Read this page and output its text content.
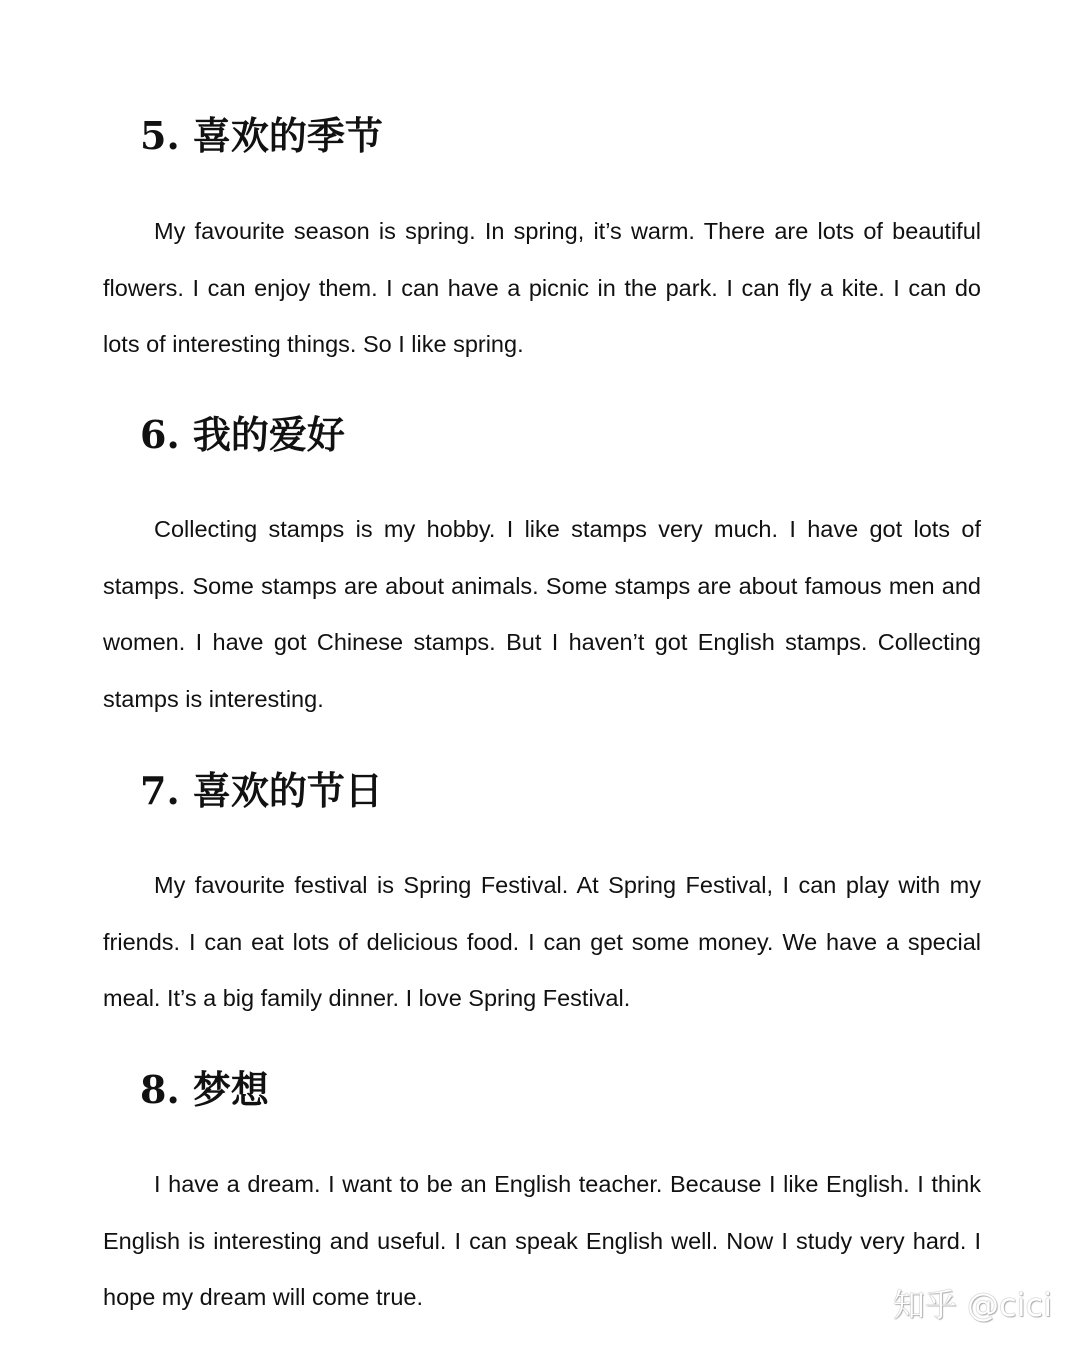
5. 喜欢的季节

My favourite season is spring. In spring, it’s warm. There are lots of beautiful flowers. I can enjoy them. I can have a picnic in the park. I can fly a kite. I can do lots of interesting things. So I like spring.

6. 我的爱好

Collecting stamps is my hobby. I like stamps very much. I have got lots of stamps. Some stamps are about animals. Some stamps are about famous men and women. I have got Chinese stamps. But I haven’t got English stamps. Collecting stamps is interesting.

7. 喜欢的节日

My favourite festival is Spring Festival. At Spring Festival, I can play with my friends. I can eat lots of delicious food. I can get some money. We have a special meal. It’s a big family dinner. I love Spring Festival.

8. 梦想

I have a dream. I want to be an English teacher. Because I like English. I think English is interesting and useful. I can speak English well. Now I study very hard. I hope my dream will come true.	知乎 @cici
